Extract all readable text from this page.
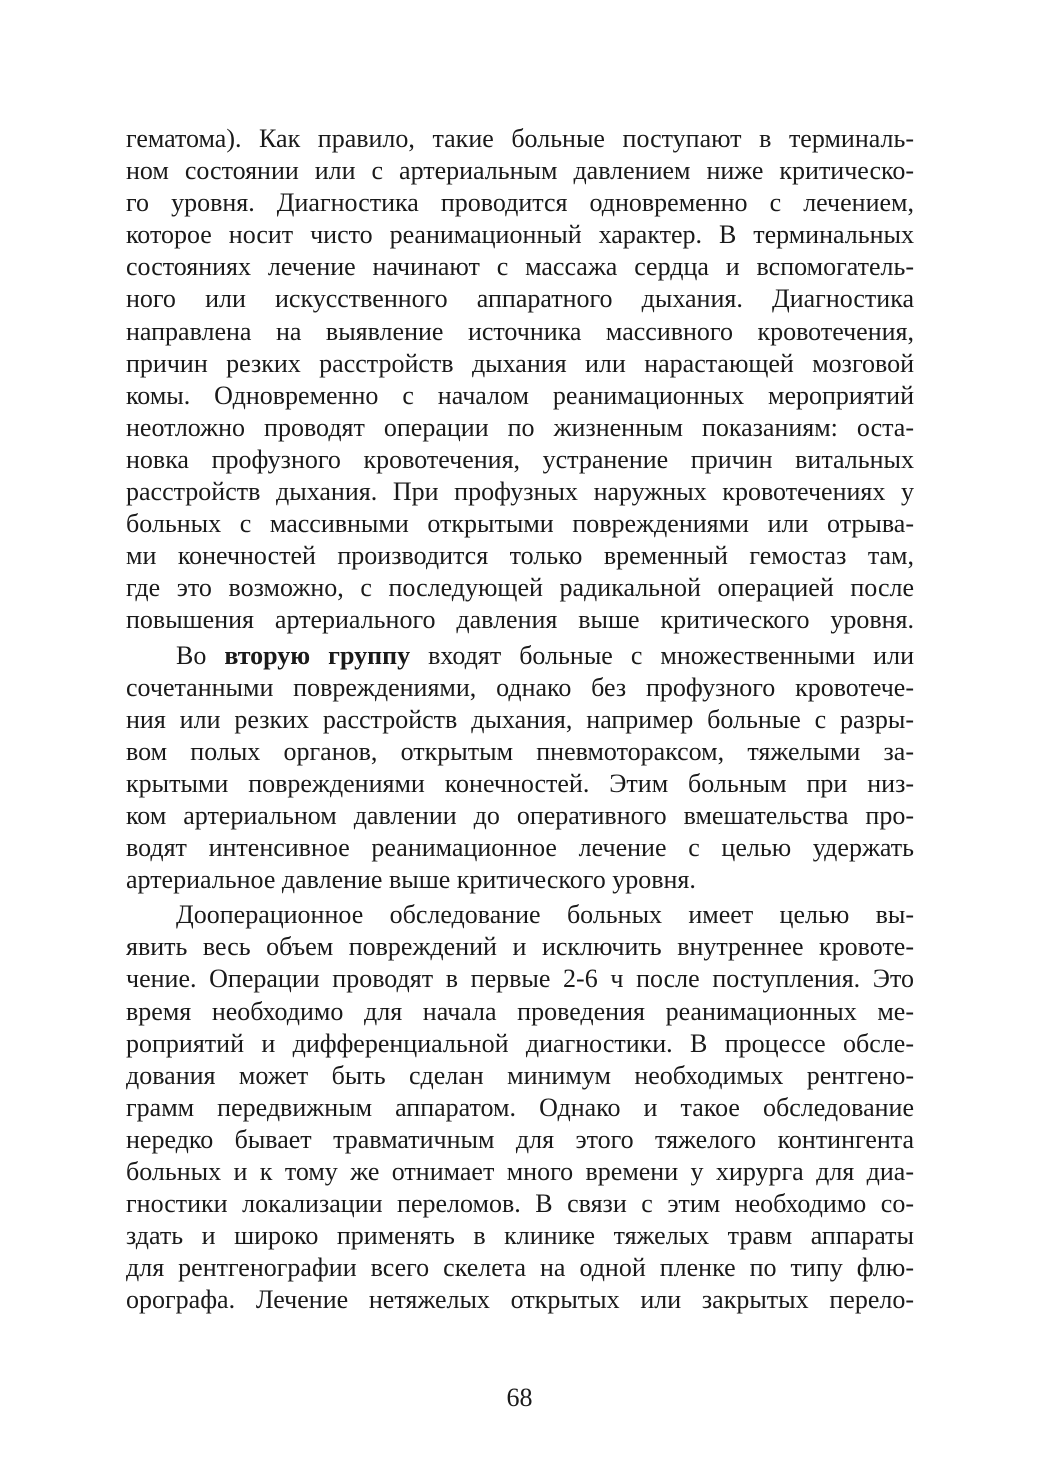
гематома). Как правило, такие больные поступают в терминаль-
ном состоянии или с артериальным давлением ниже критическо-
го уровня. Диагностика проводится одновременно с лечением,
которое носит чисто реанимационный характер. В терминальных
состояниях лечение начинают с массажа сердца и вспомогатель-
ного или искусственного аппаратного дыхания. Диагностика
направлена на выявление источника массивного кровотечения,
причин резких расстройств дыхания или нарастающей мозговой
комы. Одновременно с началом реанимационных мероприятий
неотложно проводят операции по жизненным показаниям: оста-
новка профузного кровотечения, устранение причин витальных
расстройств дыхания. При профузных наружных кровотечениях у
больных с массивными открытыми повреждениями или отрыва-
ми конечностей производится только временный гемостаз там,
где это возможно, с последующей радикальной операцией после
повышения артериального давления выше критического уровня.
Во вторую группу входят больные с множественными или
сочетанными повреждениями, однако без профузного кровотече-
ния или резких расстройств дыхания, например больные с разры-
вом полых органов, открытым пневмотораксом, тяжелыми за-
крытыми повреждениями конечностей. Этим больным при низ-
ком артериальном давлении до оперативного вмешательства про-
водят интенсивное реанимационное лечение с целью удержать
артериальное давление выше критического уровня.
Дооперационное обследование больных имеет целью вы-
явить весь объем повреждений и исключить внутреннее кровоте-
чение. Операции проводят в первые 2-6 ч после поступления. Это
время необходимо для начала проведения реанимационных ме-
роприятий и дифференциальной диагностики. В процессе обсле-
дования может быть сделан минимум необходимых рентгено-
грамм передвижным аппаратом. Однако и такое обследование
нередко бывает травматичным для этого тяжелого контингента
больных и к тому же отнимает много времени у хирурга для диа-
гностики локализации переломов. В связи с этим необходимо со-
здать и широко применять в клинике тяжелых травм аппараты
для рентгенографии всего скелета на одной пленке по типу флю-
орографа. Лечение нетяжелых открытых или закрытых перело-
68
